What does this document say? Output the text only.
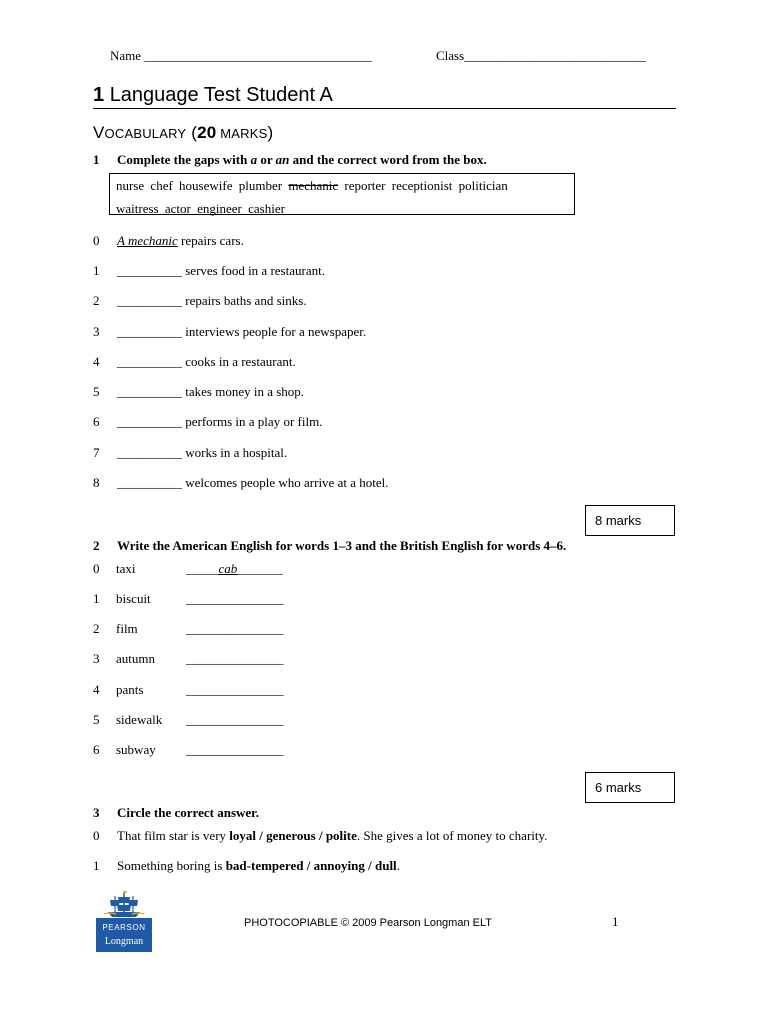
Name ___________________________________	Class____________________________
1 Language Test Student A
VOCABULARY (20 MARKS)
1 Complete the gaps with a or an and the correct word from the box.
nurse chef housewife plumber mechanic reporter receptionist politician
waitress actor engineer cashier
0 A mechanic repairs cars.
1 __________ serves food in a restaurant.
2 __________ repairs baths and sinks.
3 __________ interviews people for a newspaper.
4 __________ cooks in a restaurant.
5 __________ takes money in a shop.
6 __________ performs in a play or film.
7 __________ works in a hospital.
8 __________ welcomes people who arrive at a hotel.
8 marks
2 Write the American English for words 1–3 and the British English for words 4–6.
0 taxi	_____cab_______
1 biscuit	_______________
2 film	_______________
3 autumn _______________
4 pants	_______________
5 sidewalk _______________
6 subway _______________
6 marks
3 Circle the correct answer.
0 That film star is very loyal / generous / polite. She gives a lot of money to charity.
1 Something boring is bad-tempered / annoying / dull.
PEARSON
Longman
PHOTOCOPIABLE © 2009 Pearson Longman ELT	1
